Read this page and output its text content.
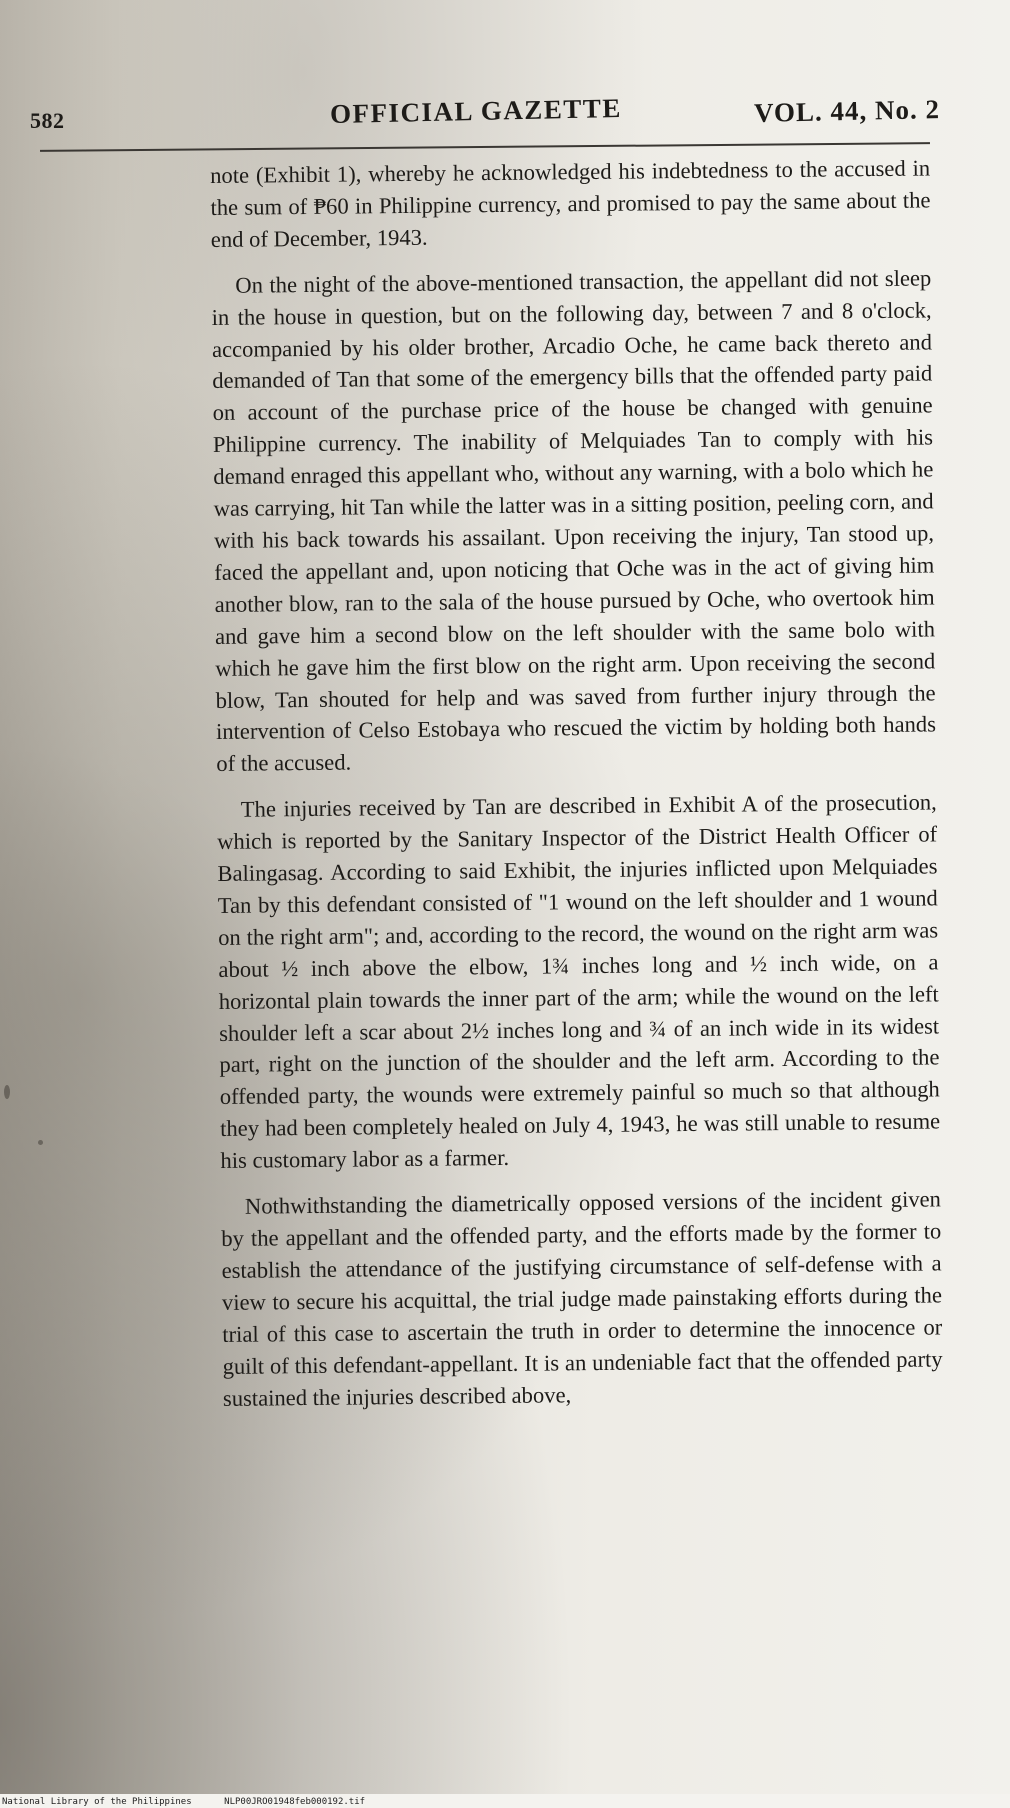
582	OFFICIAL GAZETTE	VOL. 44, No. 2

note (Exhibit 1), whereby he acknowledged his indebtedness to the accused in the sum of ₱60 in Philippine currency, and promised to pay the same about the end of December, 1943.

On the night of the above-mentioned transaction, the appellant did not sleep in the house in question, but on the following day, between 7 and 8 o'clock, accompanied by his older brother, Arcadio Oche, he came back thereto and demanded of Tan that some of the emergency bills that the offended party paid on account of the purchase price of the house be changed with genuine Philippine currency. The inability of Melquiades Tan to comply with his demand enraged this appellant who, without any warning, with a bolo which he was carrying, hit Tan while the latter was in a sitting position, peeling corn, and with his back towards his assailant. Upon receiving the injury, Tan stood up, faced the appellant and, upon noticing that Oche was in the act of giving him another blow, ran to the sala of the house pursued by Oche, who overtook him and gave him a second blow on the left shoulder with the same bolo with which he gave him the first blow on the right arm. Upon receiving the second blow, Tan shouted for help and was saved from further injury through the intervention of Celso Estobaya who rescued the victim by holding both hands of the accused.

The injuries received by Tan are described in Exhibit A of the prosecution, which is reported by the Sanitary Inspector of the District Health Officer of Balingasag. According to said Exhibit, the injuries inflicted upon Melquiades Tan by this defendant consisted of "1 wound on the left shoulder and 1 wound on the right arm"; and, according to the record, the wound on the right arm was about ½ inch above the elbow, 1¾ inches long and ½ inch wide, on a horizontal plain towards the inner part of the arm; while the wound on the left shoulder left a scar about 2½ inches long and ¾ of an inch wide in its widest part, right on the junction of the shoulder and the left arm. According to the offended party, the wounds were extremely painful so much so that although they had been completely healed on July 4, 1943, he was still unable to resume his customary labor as a farmer.

Nothwithstanding the diametrically opposed versions of the incident given by the appellant and the offended party, and the efforts made by the former to establish the attendance of the justifying circumstance of self-defense with a view to secure his acquittal, the trial judge made painstaking efforts during the trial of this case to ascertain the truth in order to determine the innocence or guilt of this defendant-appellant. It is an undeniable fact that the offended party sustained the injuries described above,

National Library of the Philippines	NLP00JRO01948feb000192.tif
